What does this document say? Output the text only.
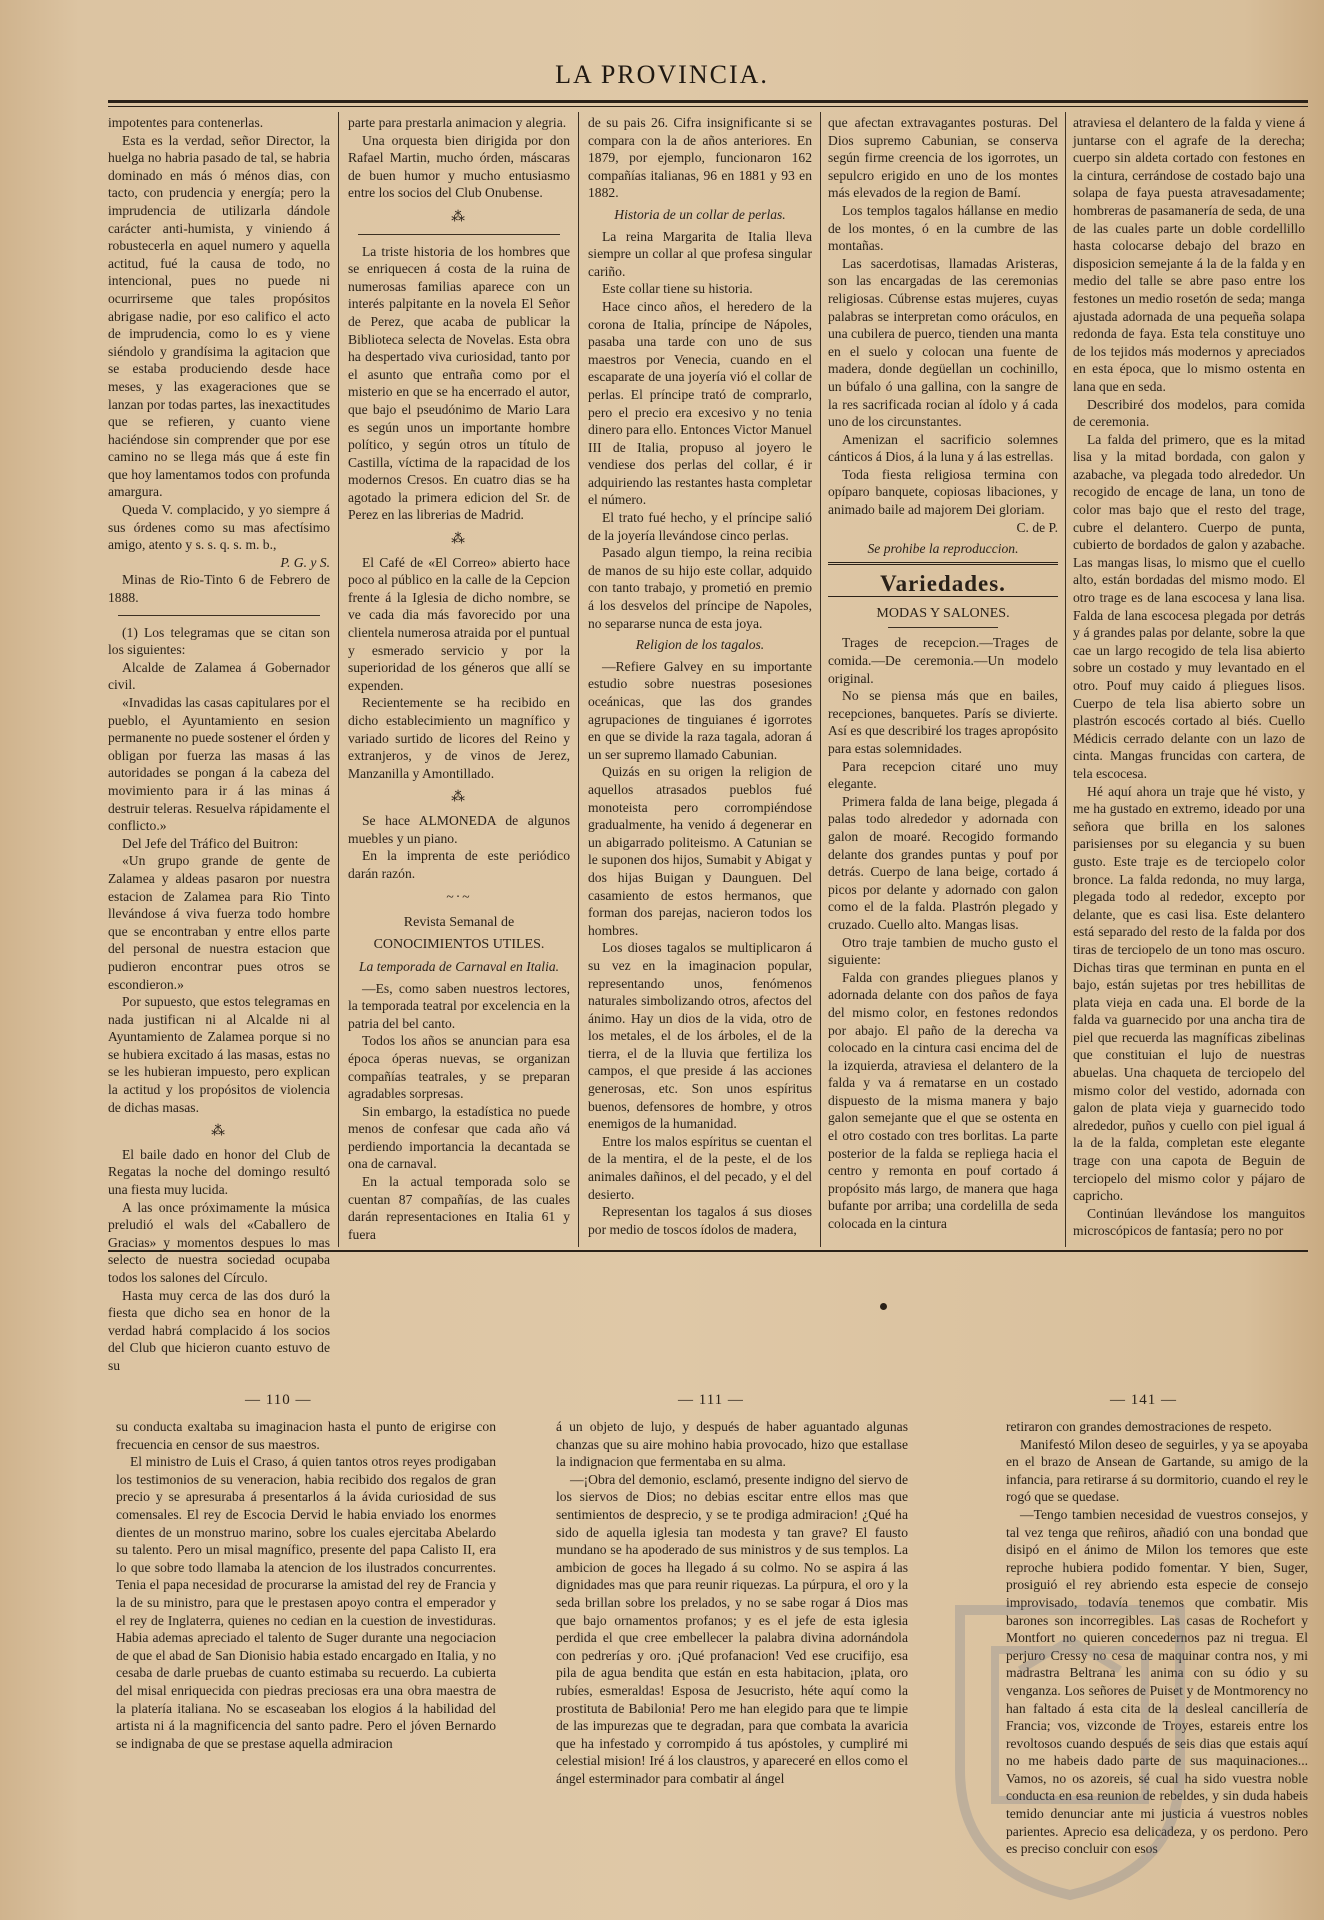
LA PROVINCIA.

impotentes para contenerlas.

Esta es la verdad, señor Director, la huelga no habria pasado de tal, se habria dominado en más ó ménos dias, con tacto, con prudencia y energía; pero la imprudencia de utilizarla dándole carácter anti-humista, y viniendo á robustecerla en aquel numero y aquella actitud, fué la causa de todo, no intencional, pues no puede ni ocurrirseme que tales propósitos abrigase nadie, por eso califico el acto de imprudencia, como lo es y viene siéndolo y grandísima la agitacion que se estaba produciendo desde hace meses, y las exageraciones que se lanzan por todas partes, las inexactitudes que se refieren, y cuanto viene haciéndose sin comprender que por ese camino no se llega más que á este fin que hoy lamentamos todos con profunda amargura.

Queda V. complacido, y yo siempre á sus órdenes como su mas afectísimo amigo, atento y s. s. q. s. m. b.,

P. G. y S.

Minas de Rio-Tinto 6 de Febrero de 1888.

(1) Los telegramas que se citan son los siguientes:

Alcalde de Zalamea á Gobernador civil.

«Invadidas las casas capitulares por el pueblo, el Ayuntamiento en sesion permanente no puede sostener el órden y obligan por fuerza las masas á las autoridades se pongan á la cabeza del movimiento para ir á las minas á destruir teleras. Resuelva rápidamente el conflicto.»

Del Jefe del Tráfico del Buitron:

«Un grupo grande de gente de Zalamea y aldeas pasaron por nuestra estacion de Zalamea para Rio Tinto llevándose á viva fuerza todo hombre que se encontraban y entre ellos parte del personal de nuestra estacion que pudieron encontrar pues otros se escondieron.»

Por supuesto, que estos telegramas en nada justifican ni al Alcalde ni al Ayuntamiento de Zalamea porque si no se hubiera excitado á las masas, estas no se les hubieran impuesto, pero explican la actitud y los propósitos de violencia de dichas masas.

⁂

El baile dado en honor del Club de Regatas la noche del domingo resultó una fiesta muy lucida.

A las once próximamente la música preludió el wals del «Caballero de Gracias» y momentos despues lo mas selecto de nuestra sociedad ocupaba todos los salones del Círculo.

Hasta muy cerca de las dos duró la fiesta que dicho sea en honor de la verdad habrá complacido á los socios del Club que hicieron cuanto estuvo de su

parte para prestarla animacion y alegria.

Una orquesta bien dirigida por don Rafael Martin, mucho órden, máscaras de buen humor y mucho entusiasmo entre los socios del Club Onubense.

⁂

La triste historia de los hombres que se enriquecen á costa de la ruina de numerosas familias aparece con un interés palpitante en la novela El Señor de Perez, que acaba de publicar la Biblioteca selecta de Novelas. Esta obra ha despertado viva curiosidad, tanto por el asunto que entraña como por el misterio en que se ha encerrado el autor, que bajo el pseudónimo de Mario Lara es según unos un importante hombre político, y según otros un título de Castilla, víctima de la rapacidad de los modernos Cresos. En cuatro dias se ha agotado la primera edicion del Sr. de Perez en las librerias de Madrid.

⁂

El Café de «El Correo» abierto hace poco al público en la calle de la Cepcion frente á la Iglesia de dicho nombre, se ve cada dia más favorecido por una clientela numerosa atraida por el puntual y esmerado servicio y por la superioridad de los géneros que allí se expenden.

Recientemente se ha recibido en dicho establecimiento un magnífico y variado surtido de licores del Reino y extranjeros, y de vinos de Jerez, Manzanilla y Amontillado.

⁂

Se hace ALMONEDA de algunos muebles y un piano.

En la imprenta de este periódico darán razón.

~·~

Revista Semanal de

CONOCIMIENTOS UTILES.

La temporada de Carnaval en Italia.

—Es, como saben nuestros lectores, la temporada teatral por excelencia en la patria del bel canto.

Todos los años se anuncian para esa época óperas nuevas, se organizan compañías teatrales, y se preparan agradables sorpresas.

Sin embargo, la estadística no puede menos de confesar que cada año vá perdiendo importancia la decantada se ona de carnaval.

En la actual temporada solo se cuentan 87 compañías, de las cuales darán representaciones en Italia 61 y fuera

de su pais 26. Cifra insignificante si se compara con la de años anteriores. En 1879, por ejemplo, funcionaron 162 compañías italianas, 96 en 1881 y 93 en 1882.

Historia de un collar de perlas.

La reina Margarita de Italia lleva siempre un collar al que profesa singular cariño.

Este collar tiene su historia.

Hace cinco años, el heredero de la corona de Italia, príncipe de Nápoles, pasaba una tarde con uno de sus maestros por Venecia, cuando en el escaparate de una joyería vió el collar de perlas. El príncipe trató de comprarlo, pero el precio era excesivo y no tenia dinero para ello. Entonces Victor Manuel III de Italia, propuso al joyero le vendiese dos perlas del collar, é ir adquiriendo las restantes hasta completar el número.

El trato fué hecho, y el príncipe salió de la joyería llevándose cinco perlas.

Pasado algun tiempo, la reina recibia de manos de su hijo este collar, adquido con tanto trabajo, y prometió en premio á los desvelos del príncipe de Napoles, no separarse nunca de esta joya.

Religion de los tagalos.

—Refiere Galvey en su importante estudio sobre nuestras posesiones oceánicas, que las dos grandes agrupaciones de tinguianes é igorrotes en que se divide la raza tagala, adoran á un ser supremo llamado Cabunian.

Quizás en su origen la religion de aquellos atrasados pueblos fué monoteista pero corrompiéndose gradualmente, ha venido á degenerar en un abigarrado politeismo. A Catunian se le suponen dos hijos, Sumabit y Abigat y dos hijas Buigan y Daunguen. Del casamiento de estos hermanos, que forman dos parejas, nacieron todos los hombres.

Los dioses tagalos se multiplicaron á su vez en la imaginacion popular, representando unos, fenómenos naturales simbolizando otros, afectos del ánimo. Hay un dios de la vida, otro de los metales, el de los árboles, el de la tierra, el de la lluvia que fertiliza los campos, el que preside á las acciones generosas, etc. Son unos espíritus buenos, defensores de hombre, y otros enemigos de la humanidad.

Entre los malos espíritus se cuentan el de la mentira, el de la peste, el de los animales dañinos, el del pecado, y el del desierto.

Representan los tagalos á sus dioses por medio de toscos ídolos de madera,

que afectan extravagantes posturas. Del Dios supremo Cabunian, se conserva según firme creencia de los igorrotes, un sepulcro erigido en uno de los montes más elevados de la region de Bamí.

Los templos tagalos hállanse en medio de los montes, ó en la cumbre de las montañas.

Las sacerdotisas, llamadas Aristeras, son las encargadas de las ceremonias religiosas. Cúbrense estas mujeres, cuyas palabras se interpretan como oráculos, en una cubilera de puerco, tienden una manta en el suelo y colocan una fuente de madera, donde degüellan un cochinillo, un búfalo ó una gallina, con la sangre de la res sacrificada rocian al ídolo y á cada uno de los circunstantes.

Amenizan el sacrificio solemnes cánticos á Dios, á la luna y á las estrellas.

Toda fiesta religiosa termina con opíparo banquete, copiosas libaciones, y animado baile ad majorem Dei gloriam.

C. de P.

Se prohibe la reproduccion.

Variedades.

MODAS Y SALONES.

Trages de recepcion.—Trages de comida.—De ceremonia.—Un modelo original.

No se piensa más que en bailes, recepciones, banquetes. París se divierte. Así es que describiré los trages apropósito para estas solemnidades.

Para recepcion citaré uno muy elegante.

Primera falda de lana beige, plegada á palas todo alrededor y adornada con galon de moaré. Recogido formando delante dos grandes puntas y pouf por detrás. Cuerpo de lana beige, cortado á picos por delante y adornado con galon como el de la falda. Plastrón plegado y cruzado. Cuello alto. Mangas lisas.

Otro traje tambien de mucho gusto el siguiente:

Falda con grandes pliegues planos y adornada delante con dos paños de faya del mismo color, en festones redondos por abajo. El paño de la derecha va colocado en la cintura casi encima del de la izquierda, atraviesa el delantero de la falda y va á rematarse en un costado dispuesto de la misma manera y bajo galon semejante que el que se ostenta en el otro costado con tres borlitas. La parte posterior de la falda se repliega hacia el centro y remonta en pouf cortado á propósito más largo, de manera que haga bufante por arriba; una cordelilla de seda colocada en la cintura

atraviesa el delantero de la falda y viene á juntarse con el agrafe de la derecha; cuerpo sin aldeta cortado con festones en la cintura, cerrándose de costado bajo una solapa de faya puesta atravesadamente; hombreras de pasamanería de seda, de una de las cuales parte un doble cordellillo hasta colocarse debajo del brazo en disposicion semejante á la de la falda y en medio del talle se abre paso entre los festones un medio rosetón de seda; manga ajustada adornada de una pequeña solapa redonda de faya. Esta tela constituye uno de los tejidos más modernos y apreciados en esta época, que lo mismo ostenta en lana que en seda.

Describiré dos modelos, para comida de ceremonia.

La falda del primero, que es la mitad lisa y la mitad bordada, con galon y azabache, va plegada todo alrededor. Un recogido de encage de lana, un tono de color mas bajo que el resto del trage, cubre el delantero. Cuerpo de punta, cubierto de bordados de galon y azabache. Las mangas lisas, lo mismo que el cuello alto, están bordadas del mismo modo. El otro trage es de lana escocesa y lana lisa. Falda de lana escocesa plegada por detrás y á grandes palas por delante, sobre la que cae un largo recogido de tela lisa abierto sobre un costado y muy levantado en el otro. Pouf muy caido á pliegues lisos. Cuerpo de tela lisa abierto sobre un plastrón escocés cortado al biés. Cuello Médicis cerrado delante con un lazo de cinta. Mangas fruncidas con cartera, de tela escocesa.

Hé aquí ahora un traje que hé visto, y me ha gustado en extremo, ideado por una señora que brilla en los salones parisienses por su elegancia y su buen gusto. Este traje es de terciopelo color bronce. La falda redonda, no muy larga, plegada todo al rededor, excepto por delante, que es casi lisa. Este delantero está separado del resto de la falda por dos tiras de terciopelo de un tono mas oscuro. Dichas tiras que terminan en punta en el bajo, están sujetas por tres hebillitas de plata vieja en cada una. El borde de la falda va guarnecido por una ancha tira de piel que recuerda las magníficas zibelinas que constituian el lujo de nuestras abuelas. Una chaqueta de terciopelo del mismo color del vestido, adornada con galon de plata vieja y guarnecido todo alrededor, puños y cuello con piel igual á la de la falda, completan este elegante trage con una capota de Beguin de terciopelo del mismo color y pájaro de capricho.

Continúan llevándose los manguitos microscópicos de fantasía; pero no por

— 110 —	— 111 —	— 141 —

su conducta exaltaba su imaginacion hasta el punto de erigirse con frecuencia en censor de sus maestros.

El ministro de Luis el Craso, á quien tantos otros reyes prodigaban los testimonios de su veneracion, habia recibido dos regalos de gran precio y se apresuraba á presentarlos á la ávida curiosidad de sus comensales. El rey de Escocia Dervid le habia enviado los enormes dientes de un monstruo marino, sobre los cuales ejercitaba Abelardo su talento. Pero un misal magnífico, presente del papa Calisto II, era lo que sobre todo llamaba la atencion de los ilustrados concurrentes. Tenia el papa necesidad de procurarse la amistad del rey de Francia y la de su ministro, para que le prestasen apoyo contra el emperador y el rey de Inglaterra, quienes no cedian en la cuestion de investiduras. Habia ademas apreciado el talento de Suger durante una negociacion de que el abad de San Dionisio habia estado encargado en Italia, y no cesaba de darle pruebas de cuanto estimaba su recuerdo. La cubierta del misal enriquecida con piedras preciosas era una obra maestra de la platería italiana. No se escaseaban los elogios á la habilidad del artista ni á la magnificencia del santo padre. Pero el jóven Bernardo se indignaba de que se prestase aquella admiracion

á un objeto de lujo, y después de haber aguantado algunas chanzas que su aire mohino habia provocado, hizo que estallase la indignacion que fermentaba en su alma.

—¡Obra del demonio, esclamó, presente indigno del siervo de los siervos de Dios; no debias escitar entre ellos mas que sentimientos de desprecio, y se te prodiga admiracion! ¿Qué ha sido de aquella iglesia tan modesta y tan grave? El fausto mundano se ha apoderado de sus ministros y de sus templos. La ambicion de goces ha llegado á su colmo. No se aspira á las dignidades mas que para reunir riquezas. La púrpura, el oro y la seda brillan sobre los prelados, y no se sabe rogar á Dios mas que bajo ornamentos profanos; y es el jefe de esta iglesia perdida el que cree embellecer la palabra divina adornándola con pedrerías y oro. ¡Qué profanacion! Ved ese crucifijo, esa pila de agua bendita que están en esta habitacion, ¡plata, oro rubíes, esmeraldas! Esposa de Jesucristo, héte aquí como la prostituta de Babilonia! Pero me han elegido para que te limpie de las impurezas que te degradan, para que combata la avaricia que ha infestado y corrompido á tus apóstoles, y cumpliré mi celestial mision! Iré á los claustros, y apareceré en ellos como el ángel esterminador para combatir al ángel

retiraron con grandes demostraciones de respeto.

Manifestó Milon deseo de seguirles, y ya se apoyaba en el brazo de Ansean de Gartande, su amigo de la infancia, para retirarse á su dormitorio, cuando el rey le rogó que se quedase.

—Tengo tambien necesidad de vuestros consejos, y tal vez tenga que reñiros, añadió con una bondad que disipó en el ánimo de Milon los temores que este reproche hubiera podido fomentar. Y bien, Suger, prosiguió el rey abriendo esta especie de consejo improvisado, todavía tenemos que combatir. Mis barones son incorregibles. Las casas de Rochefort y Montfort no quieren concedernos paz ni tregua. El perjuro Cressy no cesa de maquinar contra nos, y mi madrastra Beltrana les anima con su ódio y su venganza. Los señores de Puiset y de Montmorency no han faltado á esta cita de la desleal cancillería de Francia; vos, vizconde de Troyes, estareis entre los revoltosos cuando después de seis dias que estais aquí no me habeis dado parte de sus maquinaciones... Vamos, no os azoreis, sé cual ha sido vuestra noble conducta en esa reunion de rebeldes, y sin duda habeis temido denunciar ante mi justicia á vuestros nobles parientes. Aprecio esa delicadeza, y os perdono. Pero es preciso concluir con esos
